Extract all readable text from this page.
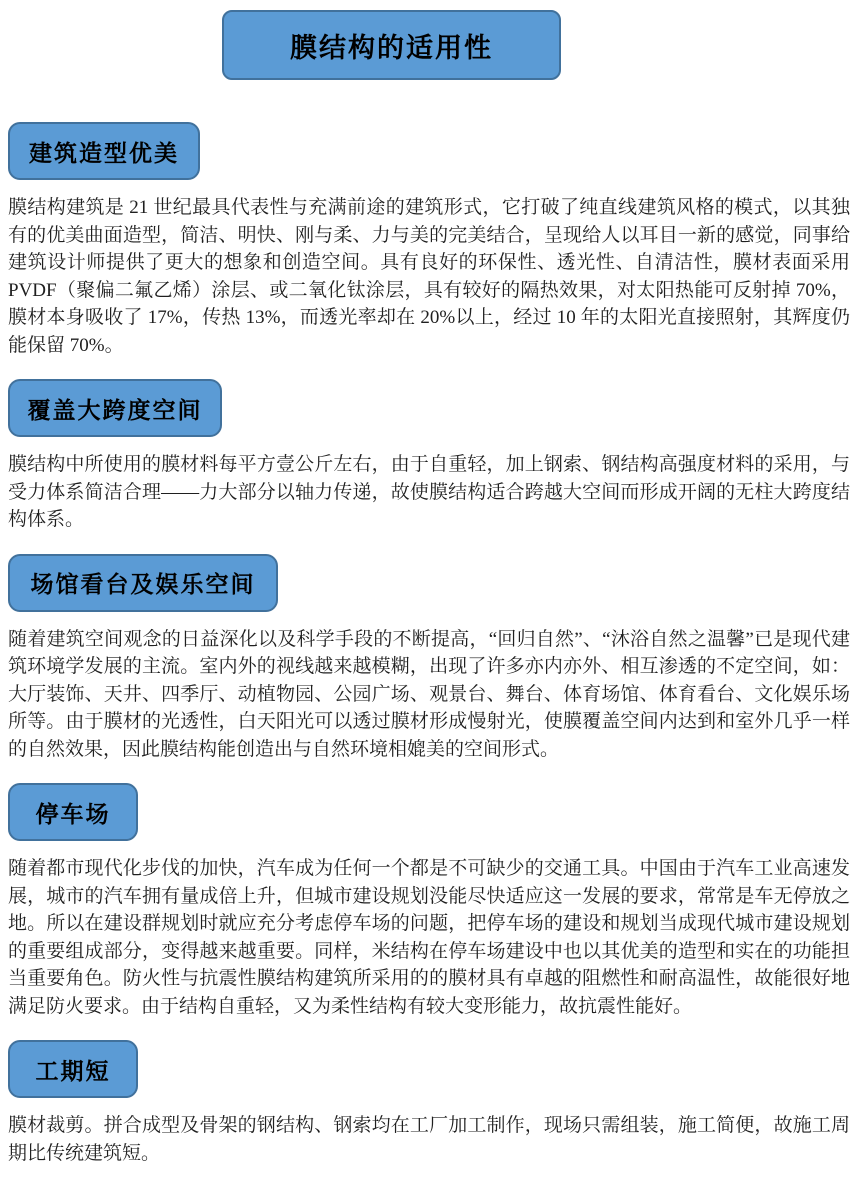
膜结构的适用性
建筑造型优美

膜结构建筑是 21 世纪最具代表性与充满前途的建筑形式，它打破了纯直线建筑风格的模式，以其独有的优美曲面造型，简洁、明快、刚与柔、力与美的完美结合，呈现给人以耳目一新的感觉，同事给建筑设计师提供了更大的想象和创造空间。具有良好的环保性、透光性、自清洁性，膜材表面采用 PVDF（聚偏二氟乙烯）涂层、或二氧化钛涂层，具有较好的隔热效果，对太阳热能可反射掉 70%，膜材本身吸收了 17%，传热 13%，而透光率却在 20%以上，经过 10 年的太阳光直接照射，其辉度仍能保留 70%。

覆盖大跨度空间

膜结构中所使用的膜材料每平方壹公斤左右，由于自重轻，加上钢索、钢结构高强度材料的采用，与受力体系简洁合理——力大部分以轴力传递，故使膜结构适合跨越大空间而形成开阔的无柱大跨度结构体系。

场馆看台及娱乐空间

随着建筑空间观念的日益深化以及科学手段的不断提高，“回归自然”、“沐浴自然之温馨”已是现代建筑环境学发展的主流。室内外的视线越来越模糊，出现了许多亦内亦外、相互渗透的不定空间，如：大厅装饰、天井、四季厅、动植物园、公园广场、观景台、舞台、体育场馆、体育看台、文化娱乐场所等。由于膜材的光透性，白天阳光可以透过膜材形成慢射光，使膜覆盖空间内达到和室外几乎一样的自然效果，因此膜结构能创造出与自然环境相媲美的空间形式。

停车场

随着都市现代化步伐的加快，汽车成为任何一个都是不可缺少的交通工具。中国由于汽车工业高速发展，城市的汽车拥有量成倍上升，但城市建设规划没能尽快适应这一发展的要求，常常是车无停放之地。所以在建设群规划时就应充分考虑停车场的问题，把停车场的建设和规划当成现代城市建设规划的重要组成部分，变得越来越重要。同样，米结构在停车场建设中也以其优美的造型和实在的功能担当重要角色。防火性与抗震性膜结构建筑所采用的的膜材具有卓越的阻燃性和耐高温性，故能很好地满足防火要求。由于结构自重轻，又为柔性结构有较大变形能力，故抗震性能好。

工期短

膜材裁剪。拼合成型及骨架的钢结构、钢索均在工厂加工制作，现场只需组装，施工简便，故施工周期比传统建筑短。
